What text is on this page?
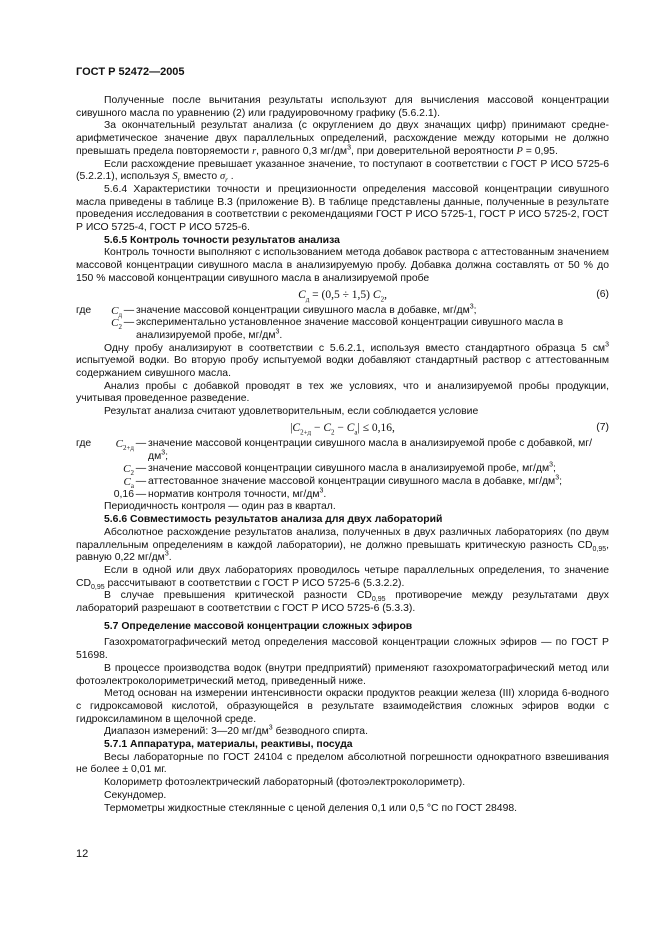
ГОСТ Р 52472—2005

Полученные после вычитания результаты используют для вычисления массовой концентрации сивушного масла по уравнению (2) или градуировочному графику (5.6.2.1).

За окончательный результат анализа (с округлением до двух значащих цифр) принимают средне-арифметическое значение двух параллельных определений, расхождение между которыми не должно превышать предела повторяемости r, равного 0,3 $мг/дм^3$, при доверительной вероятности P = 0,95.

Если расхождение превышает указанное значение, то поступают в соответствии с ГОСТ Р ИСО 5725-6 (5.2.2.1), используя $S_r$ вместо $\sigma_r$ .

5.6.4 Характеристики точности и прецизионности определения массовой концентрации сивушного масла приведены в таблице В.3 (приложение В). В таблице представлены данные, полученные в результате проведения исследования в соответствии с рекомендациями ГОСТ Р ИСО 5725-1, ГОСТ Р ИСО 5725-2, ГОСТ Р ИСО 5725-4, ГОСТ Р ИСО 5725-6.

5.6.5 Контроль точности результатов анализа

Контроль точности выполняют с использованием метода добавок раствора с аттестованным значением массовой концентрации сивушного масла в анализируемую пробу. Добавка должна составлять от 50 % до 150 % массовой концентрации сивушного масла в анализируемой пробе

$C_д = (0,5 \div 1,5)$ $C_2$,	(6)
где	$C_д$ — значение массовой концентрации сивушного масла в добавке, $мг/дм^3$;
$C_2$ — экспериментально установленное значение массовой концентрации сивушного масла в анализируемой пробе, $мг/дм^3$.

Одну пробу анализируют в соответствии с 5.6.2.1, используя вместо стандартного образца 5 $см^3$ испытуемой водки. Во вторую пробу испытуемой водки добавляют стандартный раствор с аттестованным содержанием сивушного масла.

Анализ пробы с добавкой проводят в тех же условиях, что и анализируемой пробы продукции, учитывая проведенное разведение.

Результат анализа считают удовлетворительным, если соблюдается условие

$|C_{2+д} - C_2 - C_а| \le 0,16$,	(7)
где	$C_{2+д}$ — значение массовой концентрации сивушного масла в анализируемой пробе с добавкой, $мг/дм^3$;
$C_2$ — значение массовой концентрации сивушного масла в анализируемой пробе, $мг/дм^3$;
$C_а$ — аттестованное значение массовой концентрации сивушного масла в добавке, $мг/дм^3$;
0,16 — норматив контроля точности, $мг/дм^3$.

Периодичность контроля — один раз в квартал.

5.6.6 Совместимость результатов анализа для двух лабораторий

Абсолютное расхождение результатов анализа, полученных в двух различных лабораториях (по двум параллельным определениям в каждой лаборатории), не должно превышать критическую разность $CD_{0,95}$, равную 0,22 $мг/дм^3$.

Если в одной или двух лабораториях проводилось четыре параллельных определения, то значение $CD_{0,95}$ рассчитывают в соответствии с ГОСТ Р ИСО 5725-6 (5.3.2.2).

В случае превышения критической разности $CD_{0,95}$ противоречие между результатами двух лабораторий разрешают в соответствии с ГОСТ Р ИСО 5725-6 (5.3.3).

5.7 Определение массовой концентрации сложных эфиров

Газохроматографический метод определения массовой концентрации сложных эфиров — по ГОСТ Р 51698.

В процессе производства водок (внутри предприятий) применяют газохроматографический метод или фотоэлектроколориметрический метод, приведенный ниже.

Метод основан на измерении интенсивности окраски продуктов реакции железа (III) хлорида 6-водного с гидроксамовой кислотой, образующейся в результате взаимодействия сложных эфиров водки с гидроксиламином в щелочной среде.

Диапазон измерений: 3—20 $мг/дм^3$ безводного спирта.

5.7.1 Аппаратура, материалы, реактивы, посуда

Весы лабораторные по ГОСТ 24104 с пределом абсолютной погрешности однократного взвешивания не более ± 0,01 мг.

Колориметр фотоэлектрический лабораторный (фотоэлектроколориметр).

Секундомер.

Термометры жидкостные стеклянные с ценой деления 0,1 или 0,5 °С по ГОСТ 28498.

12
